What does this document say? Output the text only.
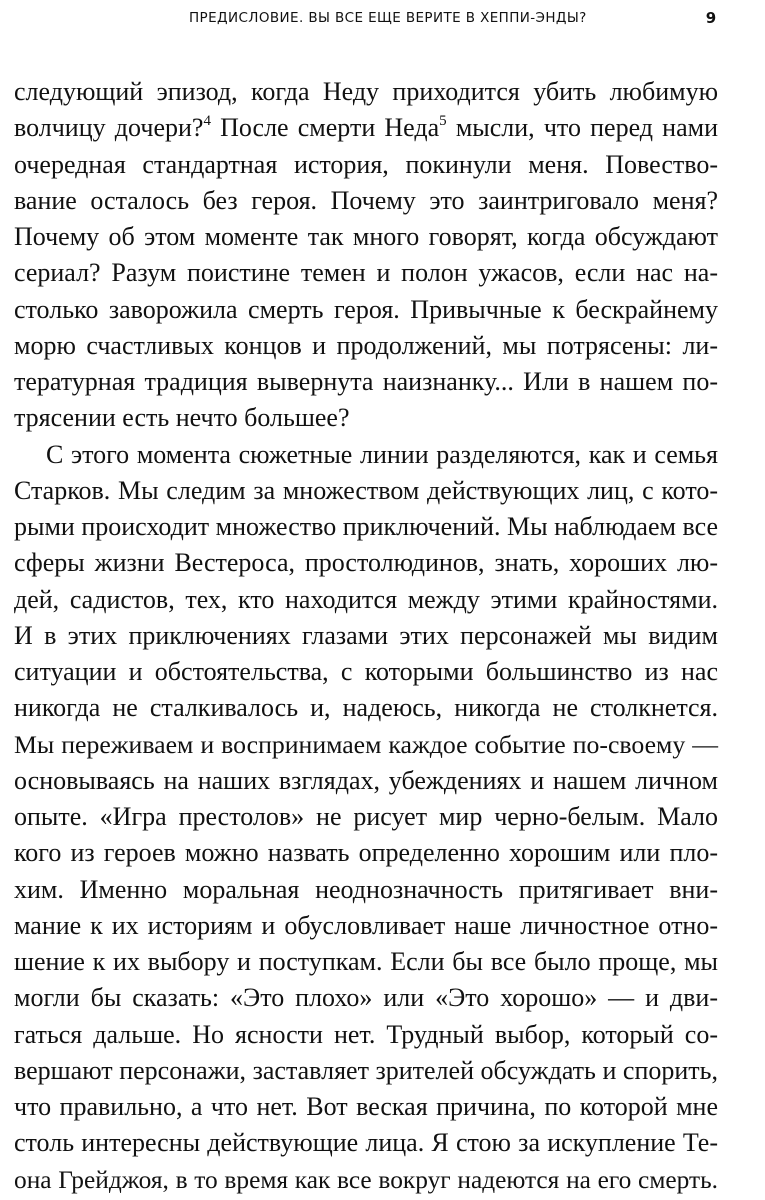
ПРЕДИСЛОВИЕ. ВЫ ВСЕ ЕЩЕ ВЕРИТЕ В ХЕППИ-ЭНДЫ?	9
следующий эпизод, когда Неду приходится убить любимую
волчицу дочери?$^4$ После смерти Неда$^5$ мысли, что перед нами
очередная стандартная история, покинули меня. Повество-
вание осталось без героя. Почему это заинтриговало меня?
Почему об этом моменте так много говорят, когда обсуждают
сериал? Разум поистине темен и полон ужасов, если нас на-
столько заворожила смерть героя. Привычные к бескрайнему
морю счастливых концов и продолжений, мы потрясены: ли-
тературная традиция вывернута наизнанку... Или в нашем по-
трясении есть нечто большее?
С этого момента сюжетные линии разделяются, как и семья
Старков. Мы следим за множеством действующих лиц, с кото-
рыми происходит множество приключений. Мы наблюдаем все
сферы жизни Вестероса, простолюдинов, знать, хороших лю-
дей, садистов, тех, кто находится между этими крайностями.
И в этих приключениях глазами этих персонажей мы видим
ситуации и обстоятельства, с которыми большинство из нас
никогда не сталкивалось и, надеюсь, никогда не столкнется.
Мы переживаем и воспринимаем каждое событие по-своему —
основываясь на наших взглядах, убеждениях и нашем личном
опыте. «Игра престолов» не рисует мир черно-белым. Мало
кого из героев можно назвать определенно хорошим или пло-
хим. Именно моральная неоднозначность притягивает вни-
мание к их историям и обусловливает наше личностное отно-
шение к их выбору и поступкам. Если бы все было проще, мы
могли бы сказать: «Это плохо» или «Это хорошо» — и дви-
гаться дальше. Но ясности нет. Трудный выбор, который со-
вершают персонажи, заставляет зрителей обсуждать и спорить,
что правильно, а что нет. Вот веская причина, по которой мне
столь интересны действующие лица. Я стою за искупление Те-
она Грейджоя, в то время как все вокруг надеются на его смерть.
